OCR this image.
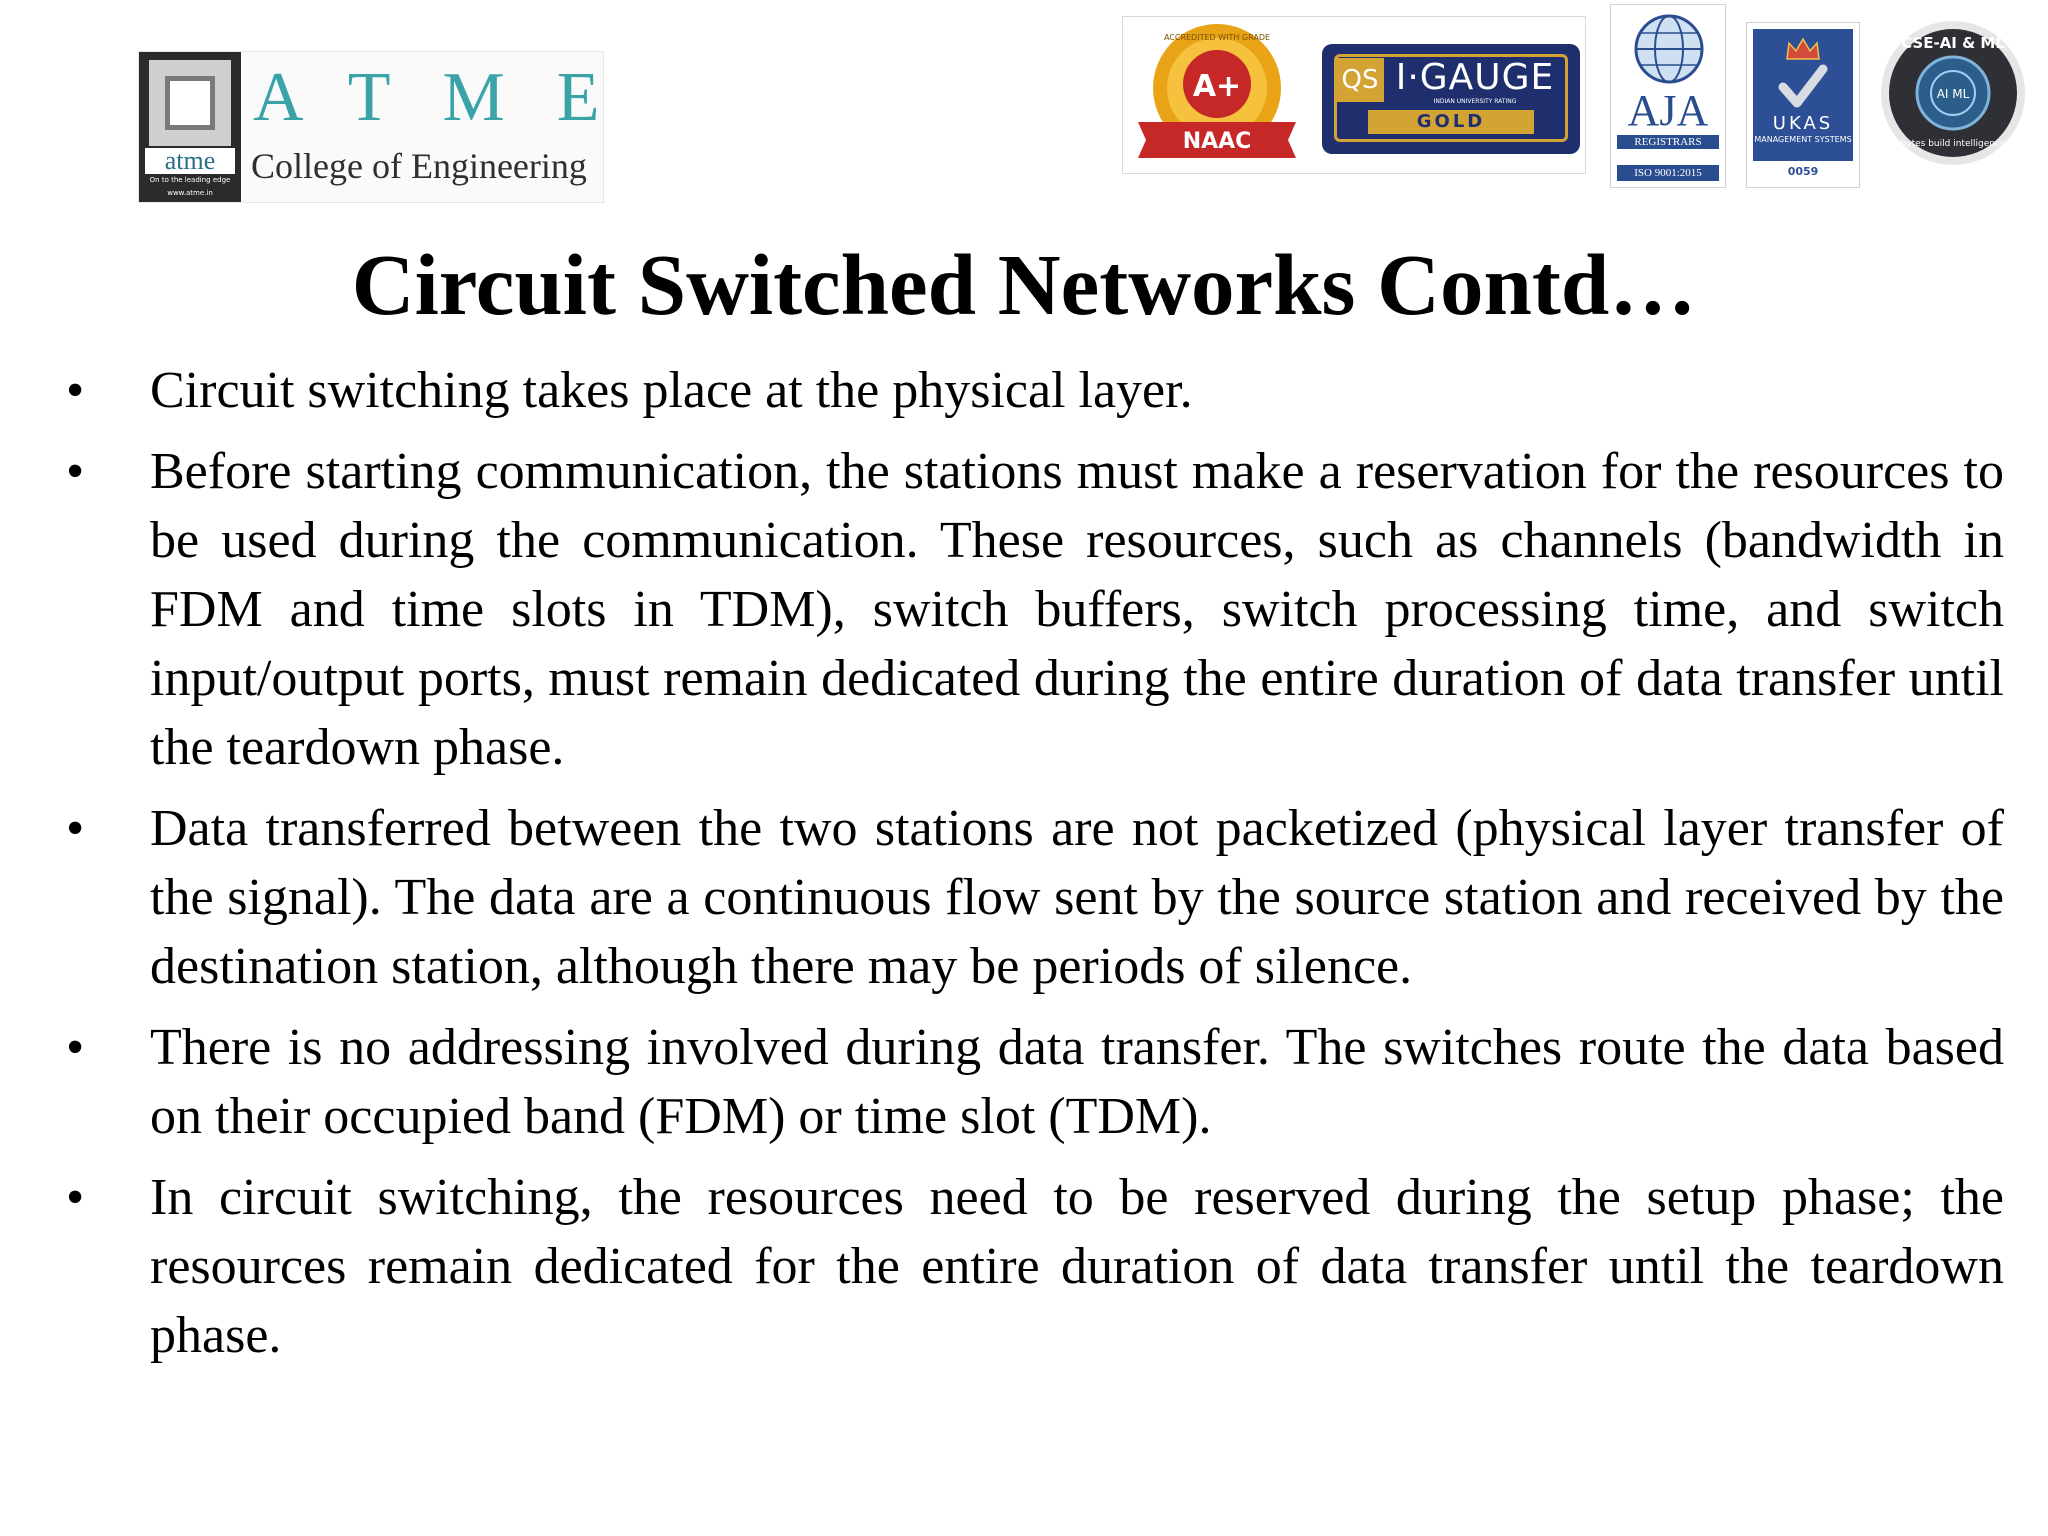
atme
On to the leading edge
www.atme.in
ATME
College of Engineering
A+
NAAC
ACCREDITED WITH GRADE
QS I·GAUGE
INDIAN UNIVERSITY RATING
GOLD	AJA
REGISTRARS
ISO 9001:2015
UKAS
MANAGEMENT SYSTEMS
0059
CSE-AI & ML
AI ML
bytes build intelligence
Circuit Switched Networks Contd…
• Circuit switching takes place at the physical layer.
• Before starting communication, the stations must make a reservation for the resources to be used during the communication. These resources, such as channels (bandwidth in FDM and time slots in TDM), switch buffers, switch processing time, and switch input/output ports, must remain dedicated during the entire duration of data transfer until the teardown phase.
• Data transferred between the two stations are not packetized (physical layer transfer of the signal). The data are a continuous flow sent by the source station and received by the destination station, although there may be periods of silence.
• There is no addressing involved during data transfer. The switches route the data based on their occupied band (FDM) or time slot (TDM).
• In circuit switching, the resources need to be reserved during the setup phase; the resources remain dedicated for the entire duration of data transfer until the teardown phase.
